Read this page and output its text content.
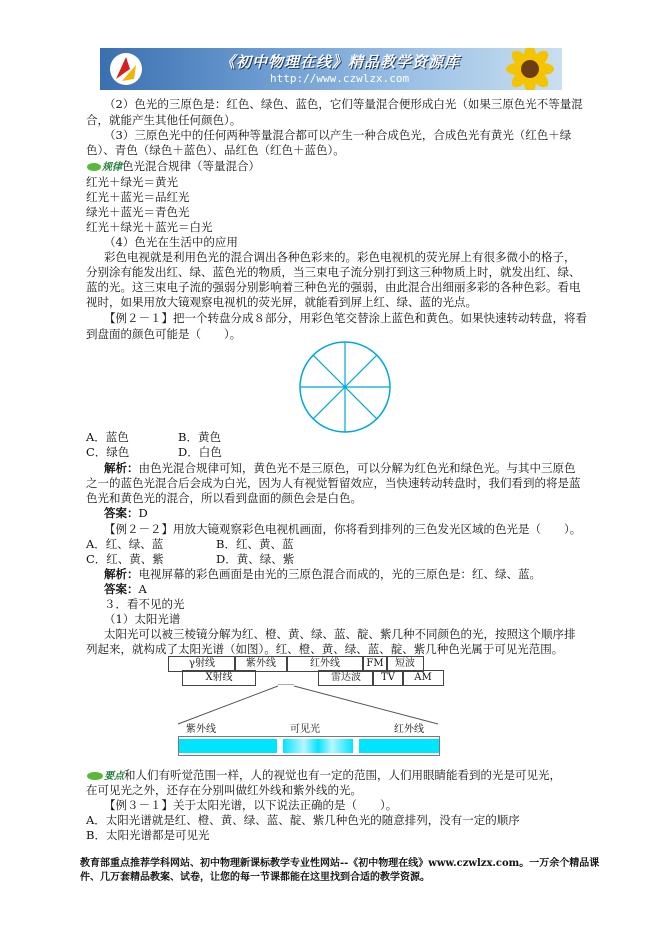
《初中物理在线》精品教学资源库
http://www.czwlzx.com
（2）色光的三原色是：红色、绿色、蓝色，它们等量混合便形成白光（如果三原色光不等量混
合，就能产生其他任何颜色）。
（3）三原色光中的任何两种等量混合都可以产生一种合成色光，合成色光有黄光（红色＋绿
色）、青色（绿色＋蓝色）、品红色（红色＋蓝色）。
规律色光混合规律（等量混合）
红光＋绿光＝黄光
红光＋蓝光＝品红光
绿光＋蓝光＝青色光
红光＋绿光＋蓝光＝白光
（4）色光在生活中的应用
彩色电视就是利用色光的混合调出各种色彩来的。彩色电视机的荧光屏上有很多微小的格子，
分别涂有能发出红、绿、蓝色光的物质，当三束电子流分别打到这三种物质上时，就发出红、绿、
蓝的光。这三束电子流的强弱分别影响着三种色光的强弱，由此混合出细丽多彩的各种色彩。看电
视时，如果用放大镜观察电视机的荧光屏，就能看到屏上红、绿、蓝的光点。
【例２－１】把一个转盘分成８部分，用彩色笔交替涂上蓝色和黄色。如果快速转动转盘，将看
到盘面的颜色可能是（　　）。
A．蓝色	B．黄色
C．绿色	D．白色
解析：由色光混合规律可知，黄色光不是三原色，可以分解为红色光和绿色光。与其中三原色
之一的蓝色光混合后会成为白光，因为人有视觉暂留效应，当快速转动转盘时，我们看到的将是蓝
色光和黄色光的混合，所以看到盘面的颜色会是白色。
答案：D
【例２－２】用放大镜观察彩色电视机画面，你将看到排列的三色发光区域的色光是（　　）。
A．红、绿、蓝	B．红、黄、蓝
C．红、黄、紫	D．黄、绿、紫
解析：电视屏幕的彩色画面是由光的三原色混合而成的，光的三原色是：红、绿、蓝。
答案：A
３．看不见的光
（1）太阳光谱
太阳光可以被三棱镜分解为红、橙、黄、绿、蓝、靛、紫几种不同颜色的光，按照这个顺序排
列起来，就构成了太阳光谱（如图）。红、橙、黄、绿、蓝、靛、紫几种色光属于可见光范围。
γ射线	紫外线	红外线	FM	短波
X射线	雷达波	TV	AM
紫外线	可见光	红外线
要点和人们有听觉范围一样，人的视觉也有一定的范围，人们用眼睛能看到的光是可见光，
在可见光之外，还存在分别叫做红外线和紫外线的光。
【例３－１】关于太阳光谱，以下说法正确的是（　　）。
A．太阳光谱就是红、橙、黄、绿、蓝、靛、紫几种色光的随意排列，没有一定的顺序
B．太阳光谱都是可见光
教育部重点推荐学科网站、初中物理新课标教学专业性网站--《初中物理在线》www.czwlzx.com。一万余个精品课
件、几万套精品教案、试卷，让您的每一节课都能在这里找到合适的教学资源。
